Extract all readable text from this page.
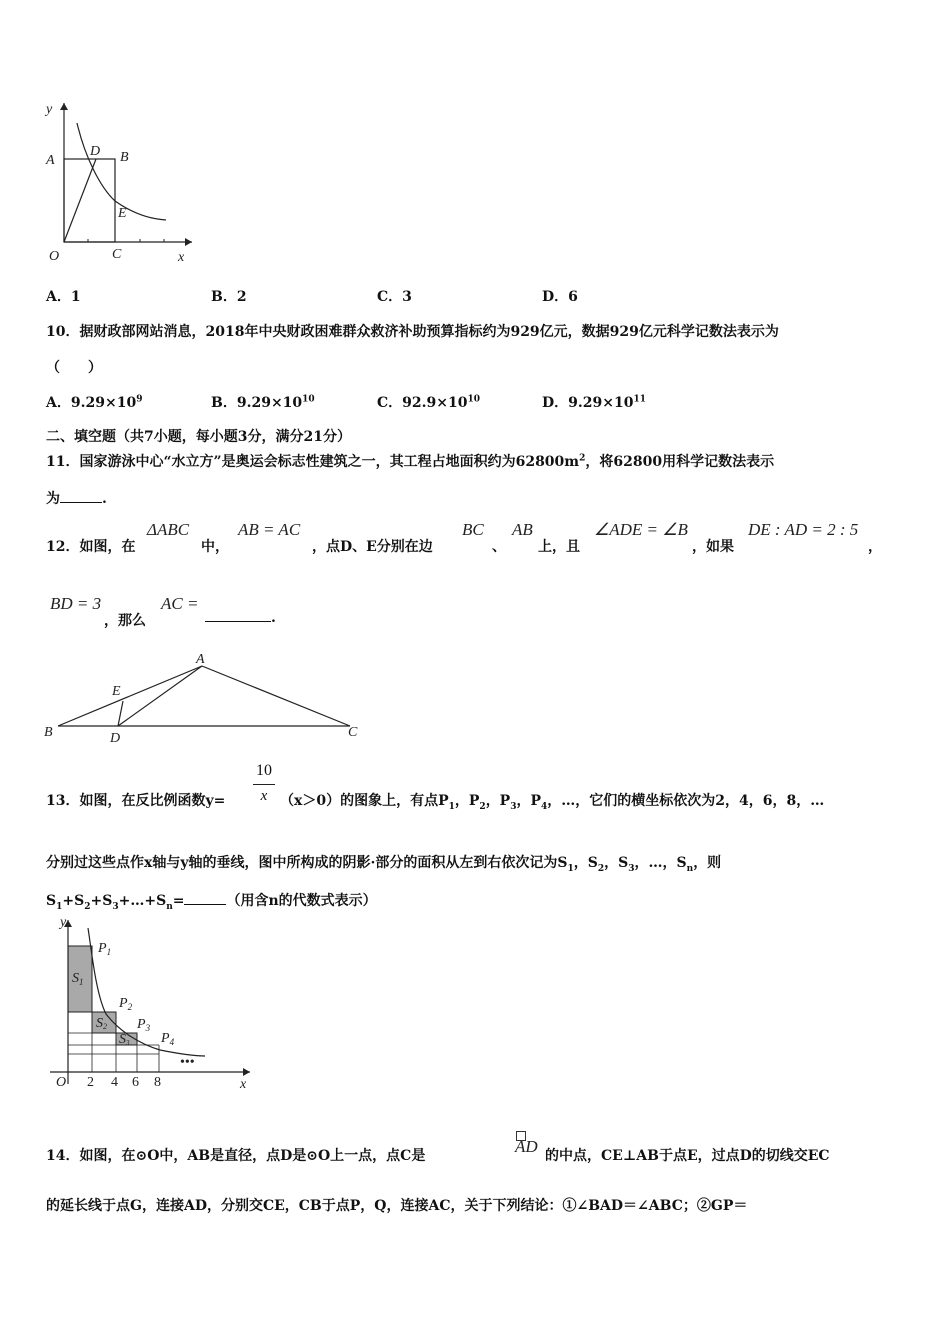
y
x
O
A
D B
E
C
A．1	B．2	C．3	D．6
10．据财政部网站消息，2018年中央财政困难群众救济补助预算指标约为929亿元，数据929亿元科学记数法表示为
（　　）
A．$9.29\times 10^9$	B．$9.29\times 10^{10}$	C．$92.9\times 10^{10}$	D．$9.29\times 10^{11}$
二、填空题（共7小题，每小题3分，满分21分）
11．国家游泳中心“水立方”是奥运会标志性建筑之一，其工程占地面积约为$62800m^2$，将62800用科学记数法表示
为	.
12．如图，在
ΔABC
中，
AB = AC
，点D、E分别在边
BC
、
AB
上，且
∠ADE = ∠B
，如果
DE : AD = 2 : 5
，
BD = 3
，那么
AC =
.
A
E
B	D	C
13．如图，在反比例函数y=
10
x （x＞0）的图象上，有点$P_1$，$P_2$，$P_3$，$P_4$，…，它们的横坐标依次为2，4，6，8，…
分别过这些点作x轴与y轴的垂线，图中所构成的阴影·部分的面积从左到右依次记为$S_1$，$S_2$，$S_3$，…，$S_n$，则
$S_1+S_2+S_3+\dots+S_n=$	（用含n的代数式表示）
y
x
O 2 4 6 8
$P_1$
$P_2$
$P_3$
$P_4$
$S_1$
S2
S3
•••
14．如图，在⊙O中，AB是直径，点D是⊙O上一点，点C是	AD 的中点，CE⊥AB于点E，过点D的切线交EC
的延长线于点G，连接AD，分别交CE，CB于点P，Q，连接AC，关于下列结论：①∠BAD＝∠ABC；②GP＝
